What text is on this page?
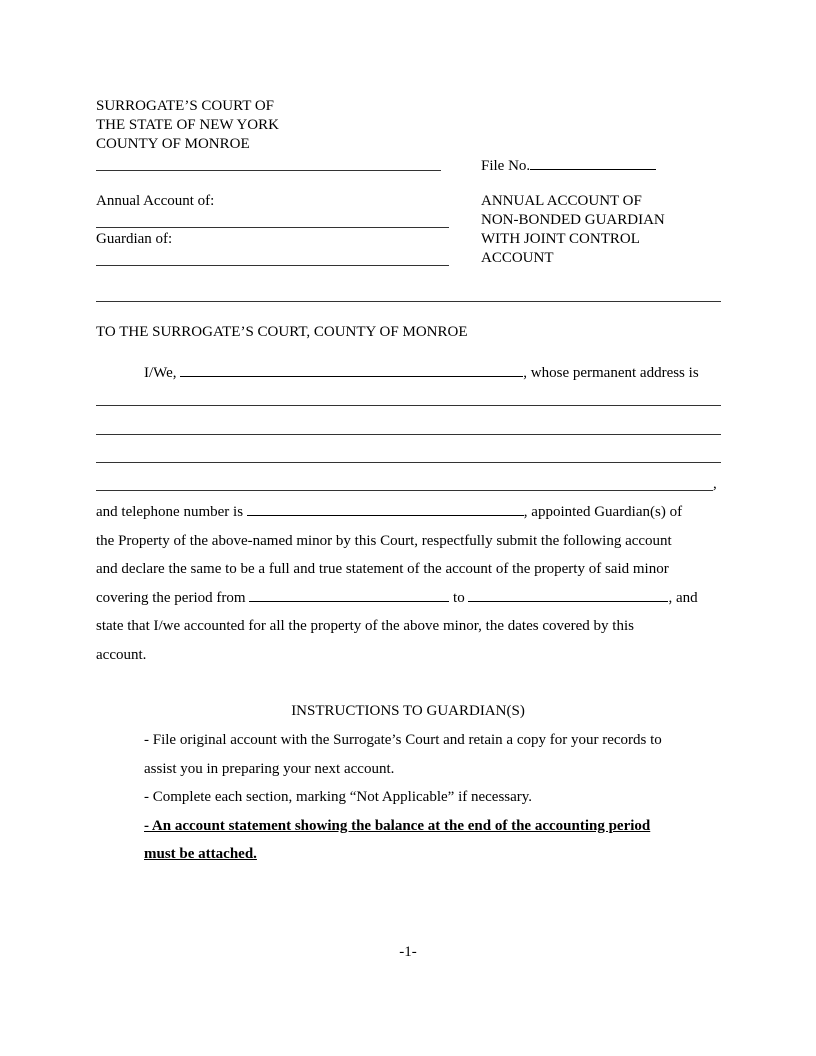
SURROGATE’S COURT OF
THE STATE OF NEW YORK
COUNTY OF MONROE
File No.
Annual Account of:
Guardian of:
ANNUAL ACCOUNT OF
NON-BONDED GUARDIAN
WITH JOINT CONTROL
ACCOUNT
TO THE SURROGATE’S COURT, COUNTY OF MONROE
I/We,	, whose permanent address is
,
and telephone number is	, appointed Guardian(s) of
the Property of the above-named minor by this Court, respectfully submit the following account
and declare the same to be a full and true statement of the account of the property of said minor
covering the period from	to	, and
state that I/we accounted for all the property of the above minor, the dates covered by this
account.
INSTRUCTIONS TO GUARDIAN(S)
- File original account with the Surrogate’s Court and retain a copy for your records to
assist you in preparing your next account.
- Complete each section, marking “Not Applicable” if necessary.
- An account statement showing the balance at the end of the accounting period
must be attached.
-1-
